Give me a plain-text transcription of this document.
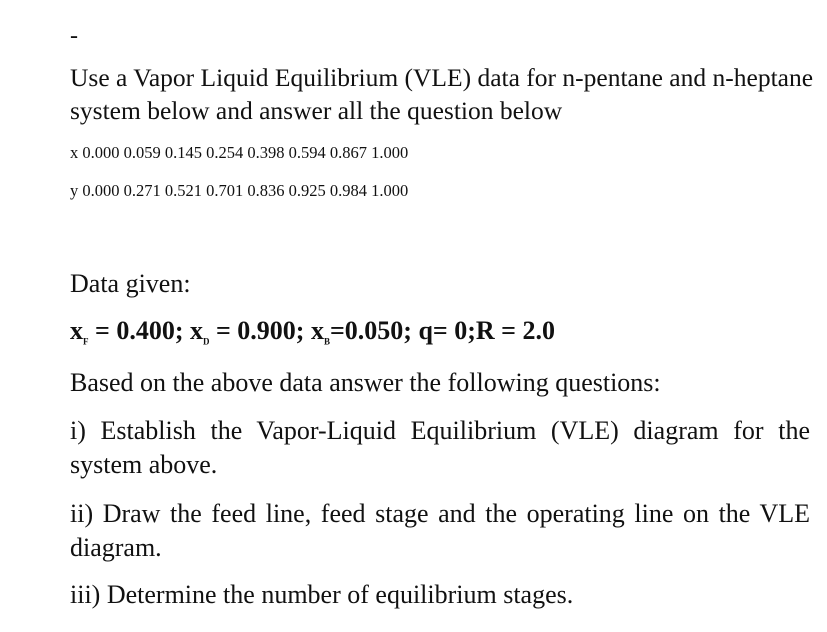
-

Use a Vapor Liquid Equilibrium (VLE) data for n-pentane and n-heptane system below and answer all the question below

x 0.000 0.059 0.145 0.254 0.398 0.594 0.867 1.000

y 0.000 0.271 0.521 0.701 0.836 0.925 0.984 1.000

Data given:

$x_F = 0.400$; $x_D = 0.900$; $x_B=0.050$; q= 0;R = 2.0

Based on the above data answer the following questions:

i) Establish the Vapor-Liquid Equilibrium (VLE) diagram for the system above.

ii) Draw the feed line, feed stage and the operating line on the VLE diagram.

iii) Determine the number of equilibrium stages.
